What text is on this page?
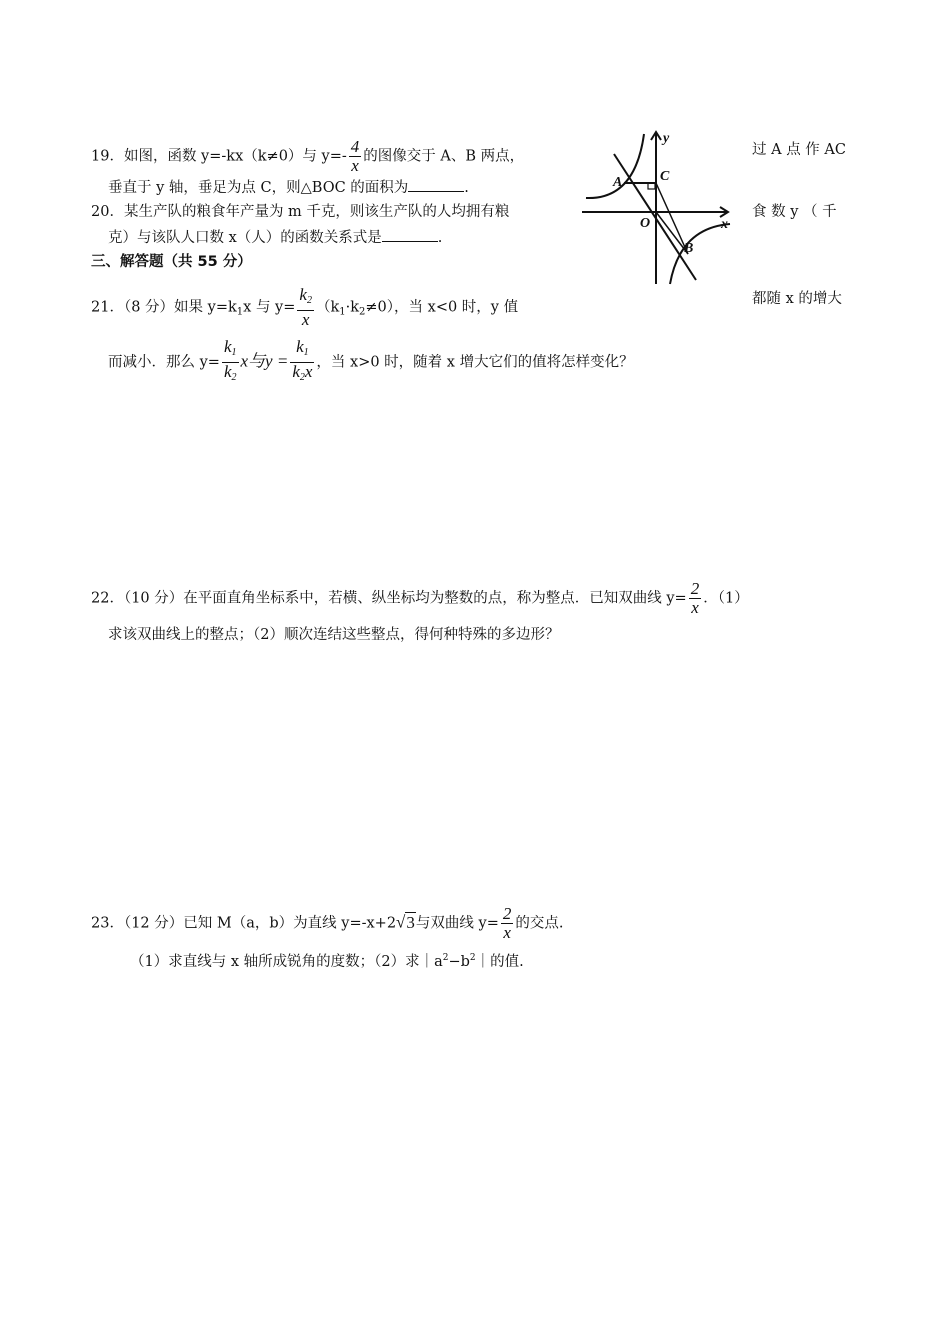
19．如图，函数 y=-kx（k≠0）与 $y=- \frac{4}{x}$ 的图像交于 A、B 两点，	过 A 点 作 AC
垂直于 y 轴，垂足为点 C，则△BOC 的面积为	.
20．某生产队的粮食年产量为 m 千克，则该生产队的人均拥有粮	食 数 y （ 千
克）与该队人口数 x（人）的函数关系式是	.
三、解答题（共 55 分）
21．（8 分）如果 $y=k_1x$ 与 $y= \frac{k_2}{x} (k_1\cdot k_2\ne 0)$，当 x<0 时，y 值
都随 x 的增大
而减小．那么 $y= \frac{k_1}{k_2}$ x与$y = \frac{k_1}{k_2x}$ ，当 x>0 时，随着 x 增大它们的值将怎样变化？
22．（10 分）在平面直角坐标系中，若横、纵坐标均为整数的点，称为整点．已知双曲线 $y= \frac{2}{x}$ ．（1）
求该双曲线上的整点；（2）顺次连结这些整点，得何种特殊的多边形？
23．（12 分）已知 M（a，b）为直线 y=-x+2√3与双曲线 $y= \frac{2}{x}$ 的交点.
（1）求直线与 x 轴所成锐角的度数；（2）求$|a^2-b^2|$的值.
y
x
A	C
O
B
